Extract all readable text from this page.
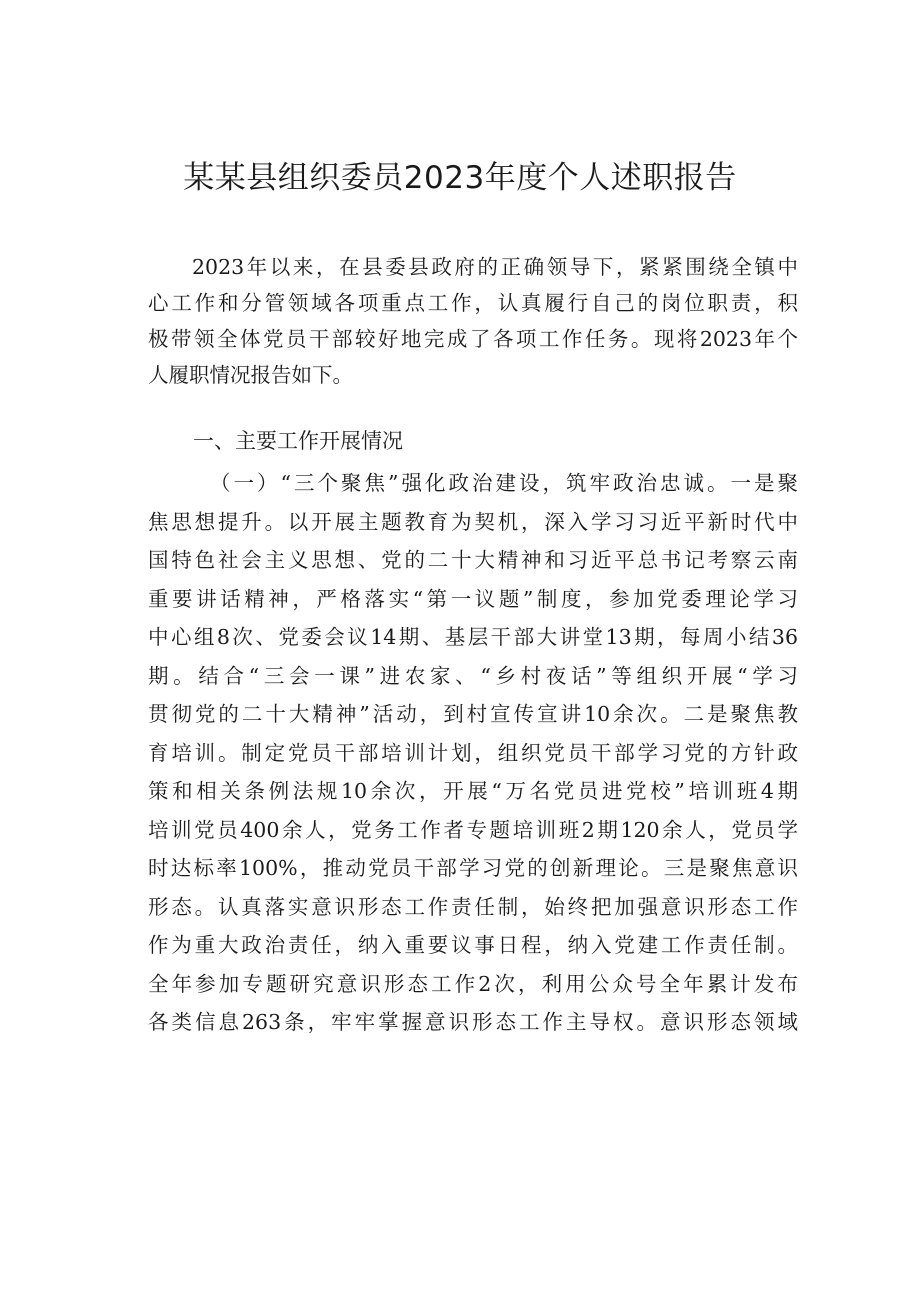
某某县组织委员2023年度个人述职报告
2023年以来，在县委县政府的正确领导下，紧紧围绕全镇中
心工作和分管领域各项重点工作，认真履行自己的岗位职责，积
极带领全体党员干部较好地完成了各项工作任务。现将2023年个
人履职情况报告如下。
一、主要工作开展情况
（一）“三个聚焦”强化政治建设，筑牢政治忠诚。一是聚
焦思想提升。以开展主题教育为契机，深入学习习近平新时代中
国特色社会主义思想、党的二十大精神和习近平总书记考察云南
重要讲话精神，严格落实“第一议题”制度，参加党委理论学习
中心组8次、党委会议14期、基层干部大讲堂13期，每周小结36
期。结合“三会一课”进农家、“乡村夜话”等组织开展“学习
贯彻党的二十大精神”活动，到村宣传宣讲10余次。二是聚焦教
育培训。制定党员干部培训计划，组织党员干部学习党的方针政
策和相关条例法规10余次，开展“万名党员进党校”培训班4期
培训党员400余人，党务工作者专题培训班2期120余人，党员学
时达标率100%，推动党员干部学习党的创新理论。三是聚焦意识
形态。认真落实意识形态工作责任制，始终把加强意识形态工作
作为重大政治责任，纳入重要议事日程，纳入党建工作责任制。
全年参加专题研究意识形态工作2次，利用公众号全年累计发布
各类信息263条，牢牢掌握意识形态工作主导权。意识形态领域
